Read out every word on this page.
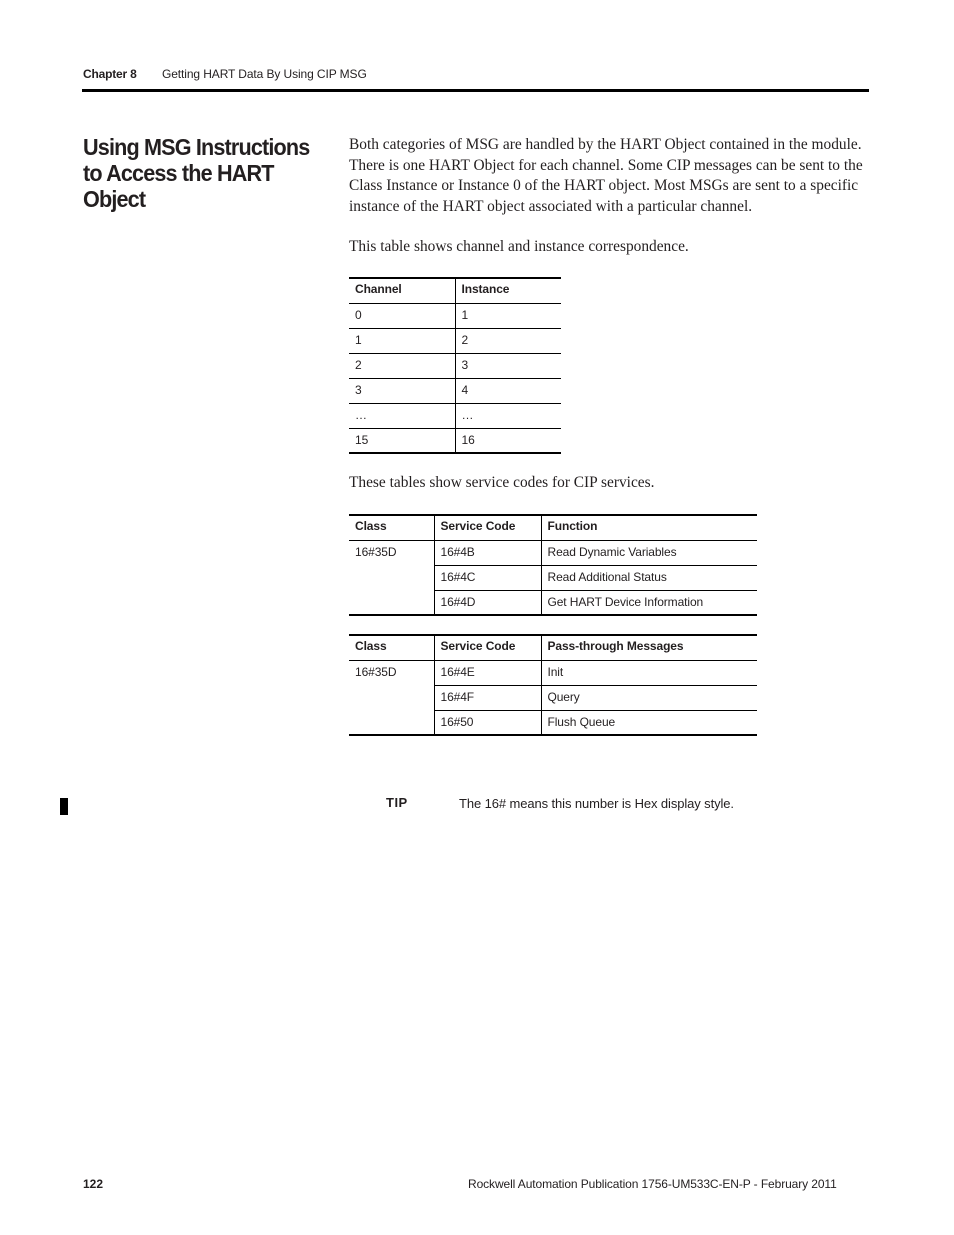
Chapter 8 Getting HART Data By Using CIP MSG
Using MSG Instructions to Access the HART Object
Both categories of MSG are handled by the HART Object contained in the module. There is one HART Object for each channel. Some CIP messages can be sent to the Class Instance or Instance 0 of the HART object. Most MSGs are sent to a specific instance of the HART object associated with a particular channel.
This table shows channel and instance correspondence.
Channel	Instance
0	1
1	2
2	3
3	4
…	…
15	16
These tables show service codes for CIP services.
Class	Service Code	Function
16#35D	16#4B	Read Dynamic Variables
	16#4C	Read Additional Status
	16#4D	Get HART Device Information
Class	Service Code	Pass-through Messages
16#35D	16#4E	Init
	16#4F	Query
	16#50	Flush Queue
TIP	The 16# means this number is Hex display style.
122	Rockwell Automation Publication 1756-UM533C-EN-P - February 2011
